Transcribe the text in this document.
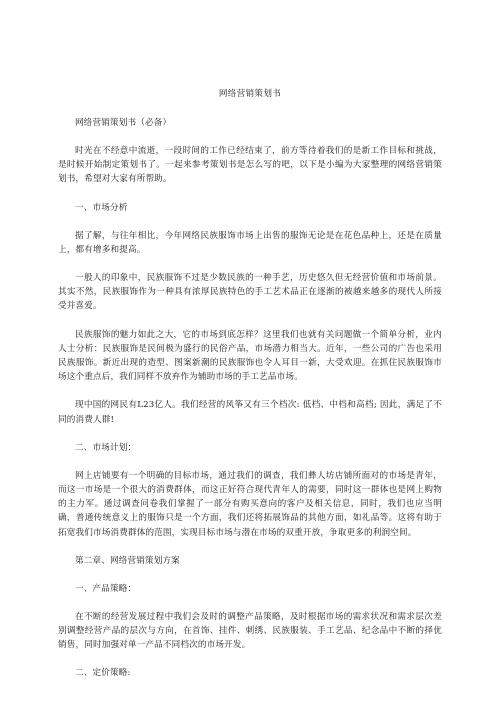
网络营销策划书
网络营销策划书（必备）
时光在不经意中流逝，一段时间的工作已经结束了，前方等待着我们的是新工作目标和挑战，是时候开始制定策划书了。一起来参考策划书是怎么写的吧，以下是小编为大家整理的网络营销策划书，希望对大家有所帮助。
一、市场分析
据了解，与往年相比，今年网络民族服饰市场上出售的服饰无论是在花色品种上，还是在质量上，都有增多和提高。
一般人的印象中，民族服饰不过是少数民族的一种手艺，历史悠久但无经营价值和市场前景。其实不然，民族服饰作为一种具有浓厚民族特色的手工艺术品正在逐渐的被越来越多的现代人所接受并喜爱。
民族服饰的魅力如此之大，它的市场到底怎样？这里我们也就有关问题做一个简单分析，业内人士分析：民族服饰是民间极为盛行的民俗产品，市场潜力相当大。近年，一些公司的广告也采用民族服饰。新近出现的造型、图案新潮的民族服饰也令人耳目一新，大受欢迎。在抓住民族服饰市场这个重点后，我们同样不放弃作为辅助市场的手工艺品市场。
现中国的网民有L23亿人。我们经营的风筝又有三个档次: 低档、中档和高档; 因此，满足了不同的消费人群!
二、市场计划：
网上店铺要有一个明确的目标市场，通过我们的调查，我们彝人坊店铺所面对的市场是青年，而这一市场是一个很大的消费群体，而这正好符合现代青年人的需要，同时这一群体也是网上购物的主力军。通过调查问卷我们掌握了一部分有购买意向的客户及相关信息，同时，我们也应当明确，普通传统意义上的服饰只是一个方面，我们还将拓展饰品的其他方面，如礼品等。这将有助于拓宽我们市场消费群体的范围，实现目标市场与潜在市场的双重开放，争取更多的利润空间。
第二章、网络营销策划方案
一、产品策略：
在不断的经营发展过程中我们会及时的调整产品策略，及时根据市场的需求状况和需求层次差别调整经营产品的层次与方向，在首饰、挂件、刺绣、民族服装、手工艺品、纪念品中不断的择优销售，同时加强对单一产品不同档次的市场开发。
二、定价策略:
